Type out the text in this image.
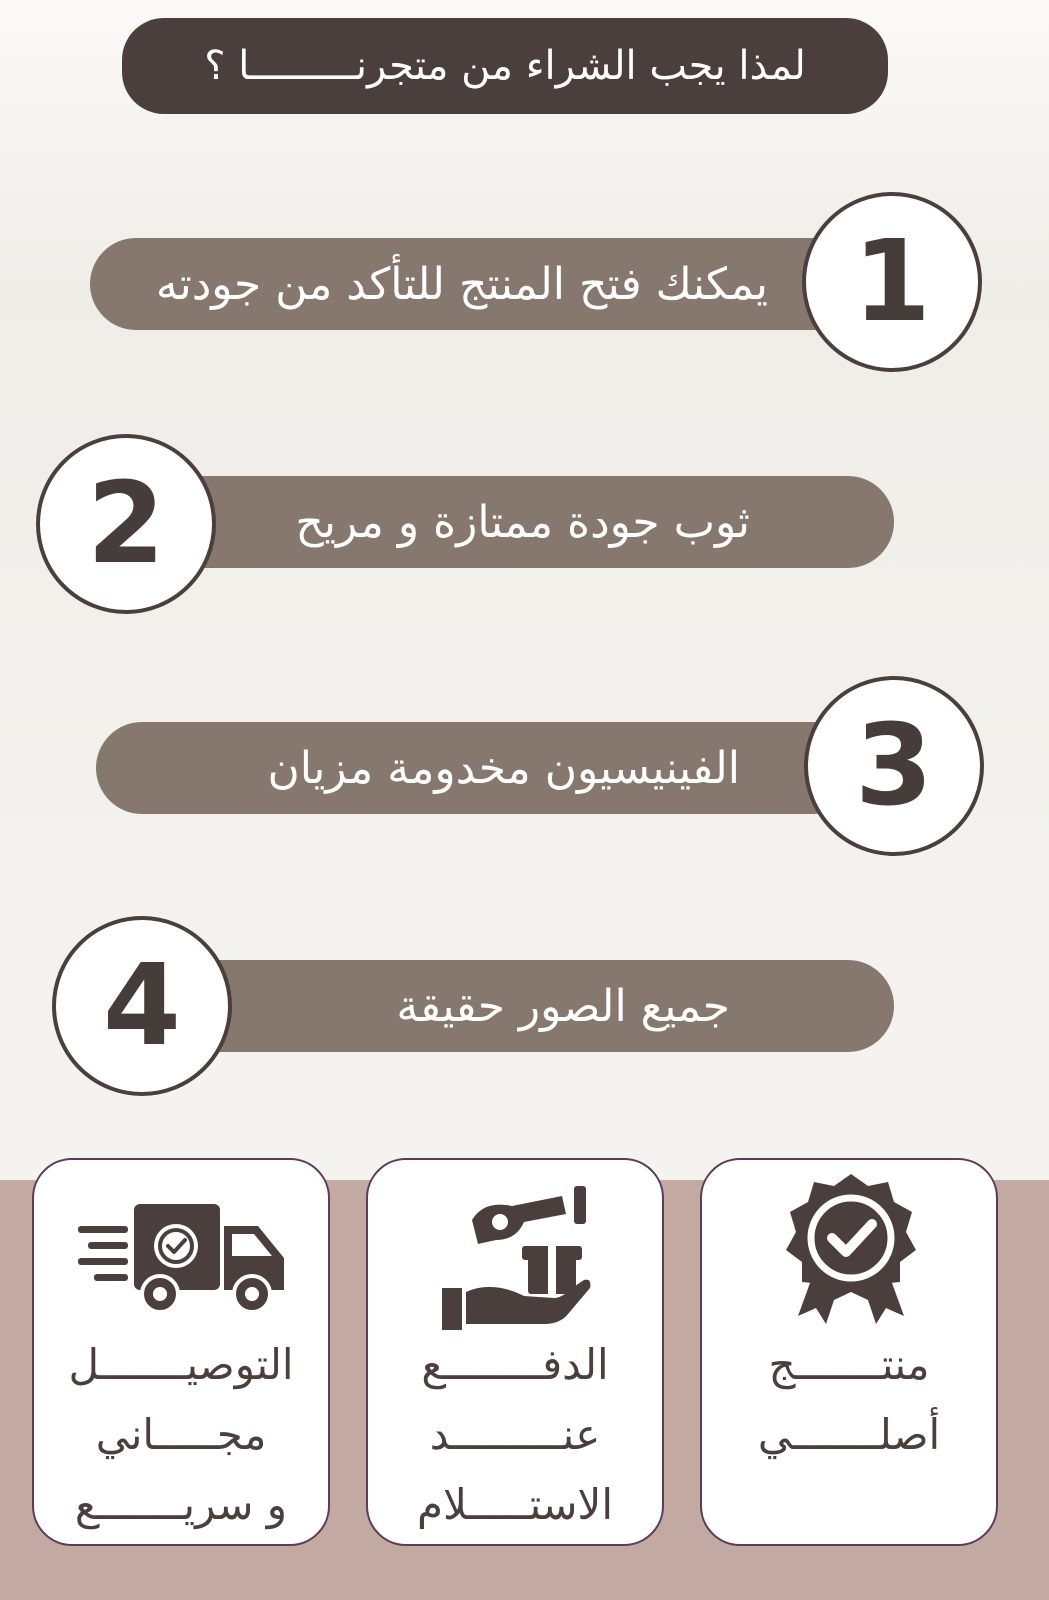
لمذا يجب الشراء من متجرنـــــــــا ؟
يمكنك فتح المنتج للتأكد من جودته 1
ثوب جودة ممتازة و مريح
2
الفينيسيون مخدومة مزيان	3
جميع الصور حقيقة
4
التوصيـــــــل
مجـــــاني
و سريـــــــع
الدفــــــــع
عنـــــــــد
الاستـــــلام
منتـــــــج
أصلـــــــي
